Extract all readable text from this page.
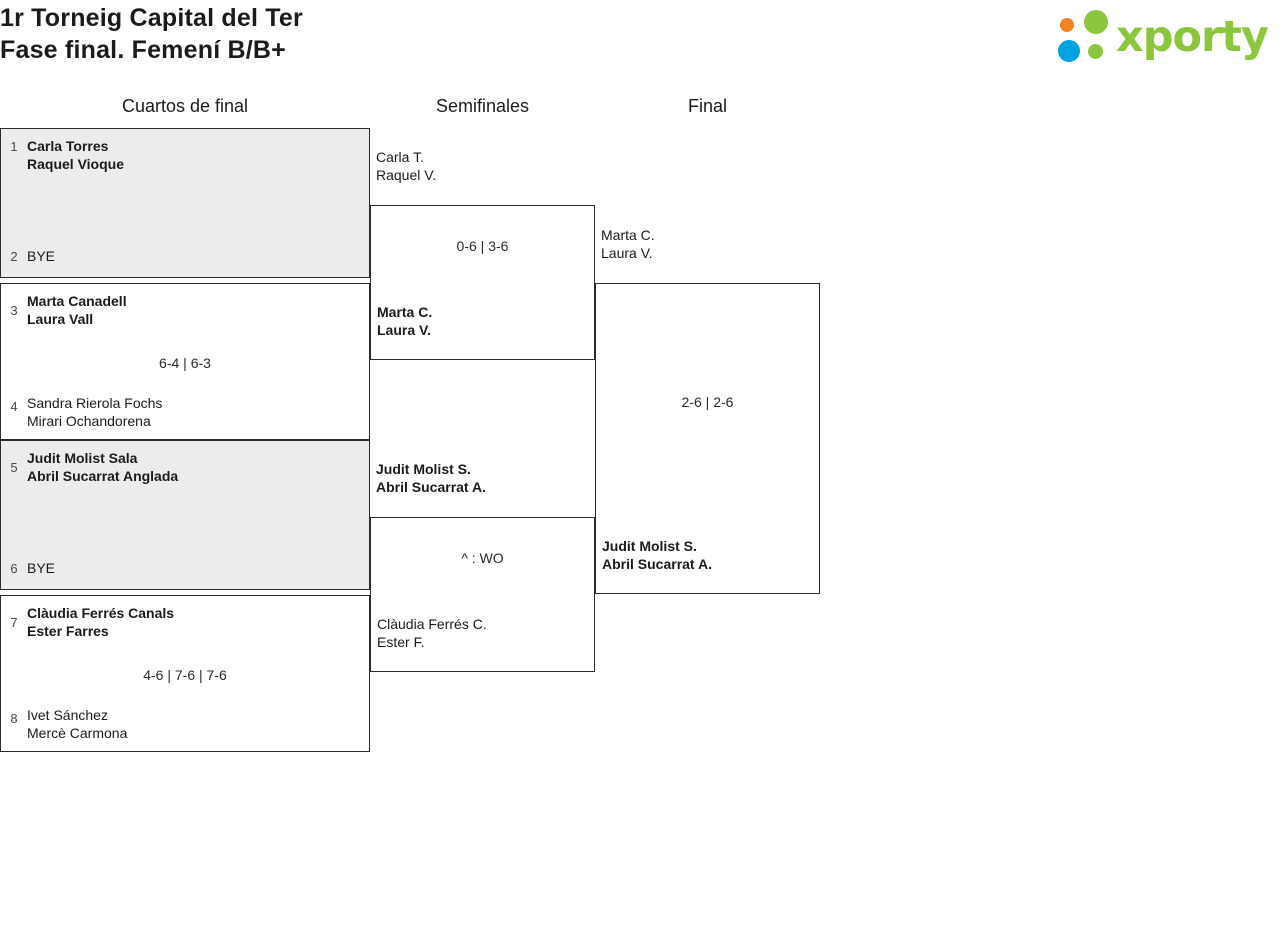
1r Torneig Capital del Ter
Fase final. Femení B/B+	xporty
Cuartos de final	Semifinales	Final
1 Carla Torres
Raquel Vioque
2 BYE
3
Marta Canadell
Laura Vall
4 Sandra Rierola Fochs
Mirari Ochandorena
6-4 | 6-3
5
Judit Molist Sala
Abril Sucarrat Anglada
6 BYE
7
Clàudia Ferrés Canals
Ester Farres
8 Ivet Sánchez
Mercè Carmona
4-6 | 7-6 | 7-6
Carla T.
Raquel V.
0-6 | 3-6
Marta C.
Laura V.
Judit Molist S.
Abril Sucarrat A.
^ : WO
Clàudia Ferrés C.
Ester F.
Marta C.
Laura V.
2-6 | 2-6
Judit Molist S.
Abril Sucarrat A.
